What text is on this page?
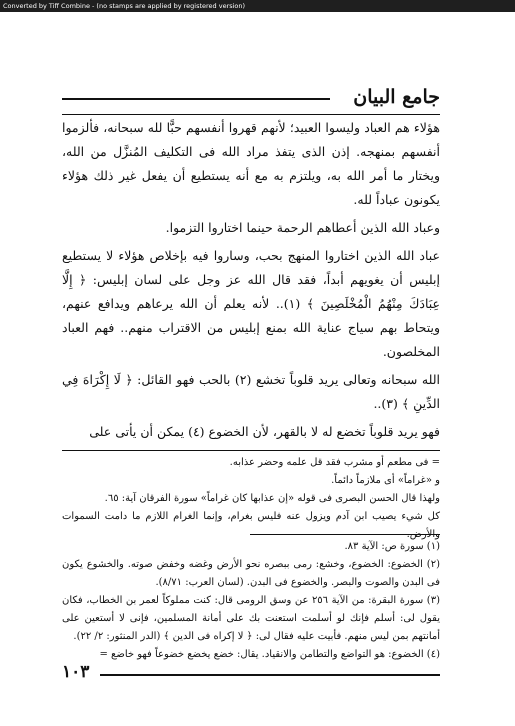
Converted by Tiff Combine - (no stamps are applied by registered version)
جامع البيان

هؤلاء هم العباد وليسوا العبيد؛ لأنهم قهروا أنفسهم حبًّا لله سبحانه، فألزموا أنفسهم بمنهجه. إذن الذى يتفذ مراد الله فى التكليف المُنزَّل من الله، ويختار ما أمر الله به، ويلتزم به مع أنه يستطيع أن يفعل غير ذلك هؤلاء يكونون عباداً لله.

وعباد الله الذين أعطاهم الرحمة حينما اختاروا التزموا.

عباد الله الذين اختاروا المنهج بحب، وساروا فيه بإخلاص هؤلاء لا يستطيع إبليس أن يغويهم أبداً، فقد قال الله عز وجل على لسان إبليس: ﴿ إِلَّا عِبَادَكَ مِنْهُمُ الْمُخْلَصِينَ ﴾ (١).. لأنه يعلم أن الله يرعاهم ويدافع عنهم، ويتحاط بهم سياج عناية الله بمنع إبليس من الاقتراب منهم.. فهم العباد المخلصون.

الله سبحانه وتعالى يريد قلوباً تخشع (٢) بالحب فهو القائل: ﴿ لَا إِكْرَاهَ فِي الدِّينِ ﴾ (٣)..

فهو يريد قلوباً تخضع له لا بالقهر، لأن الخضوع (٤) يمكن أن يأتى على

= فى مطعم أو مشرب فقد قل علمه وحضر عذابه.

و «غراماً» أى ملازماً دائماً.

ولهذا قال الحسن البصرى فى قوله «إن عذابها كان غراماً» سورة الفرقان آية: ٦٥.

كل شيء يصيب ابن آدم ويزول عنه فليس بغرام، وإنما الغرام اللازم ما دامت السموات والأرض.

(١) سورة ص: الآية ٨٣.

(٢) الخضوع: الخضوع، وخشع: رمى ببصره نحو الأرض وغضه وخفض صوته. والخشوع يكون فى البدن والصوت والبصر. والخضوع فى البدن. (لسان العرب: ٨/٧١).

(٣) سورة البقرة: من الآية ٢٥٦ عن وسق الرومى قال: كنت مملوكاً لعمر بن الخطاب، فكان يقول لى: أسلم فإنك لو أسلمت استعنت بك على أمانة المسلمين، فإنى لا أستعين على أمانتهم بمن ليس منهم. فأبيت عليه فقال لى: ﴿ لا إكراه فى الدين ﴾ (الدر المنثور: ٢/ ٢٢).

(٤) الخضوع: هو التواضع والتطامن والانقياد. يقال: خضع يخضع خضوعاً فهو خاضع =

١٠٣
